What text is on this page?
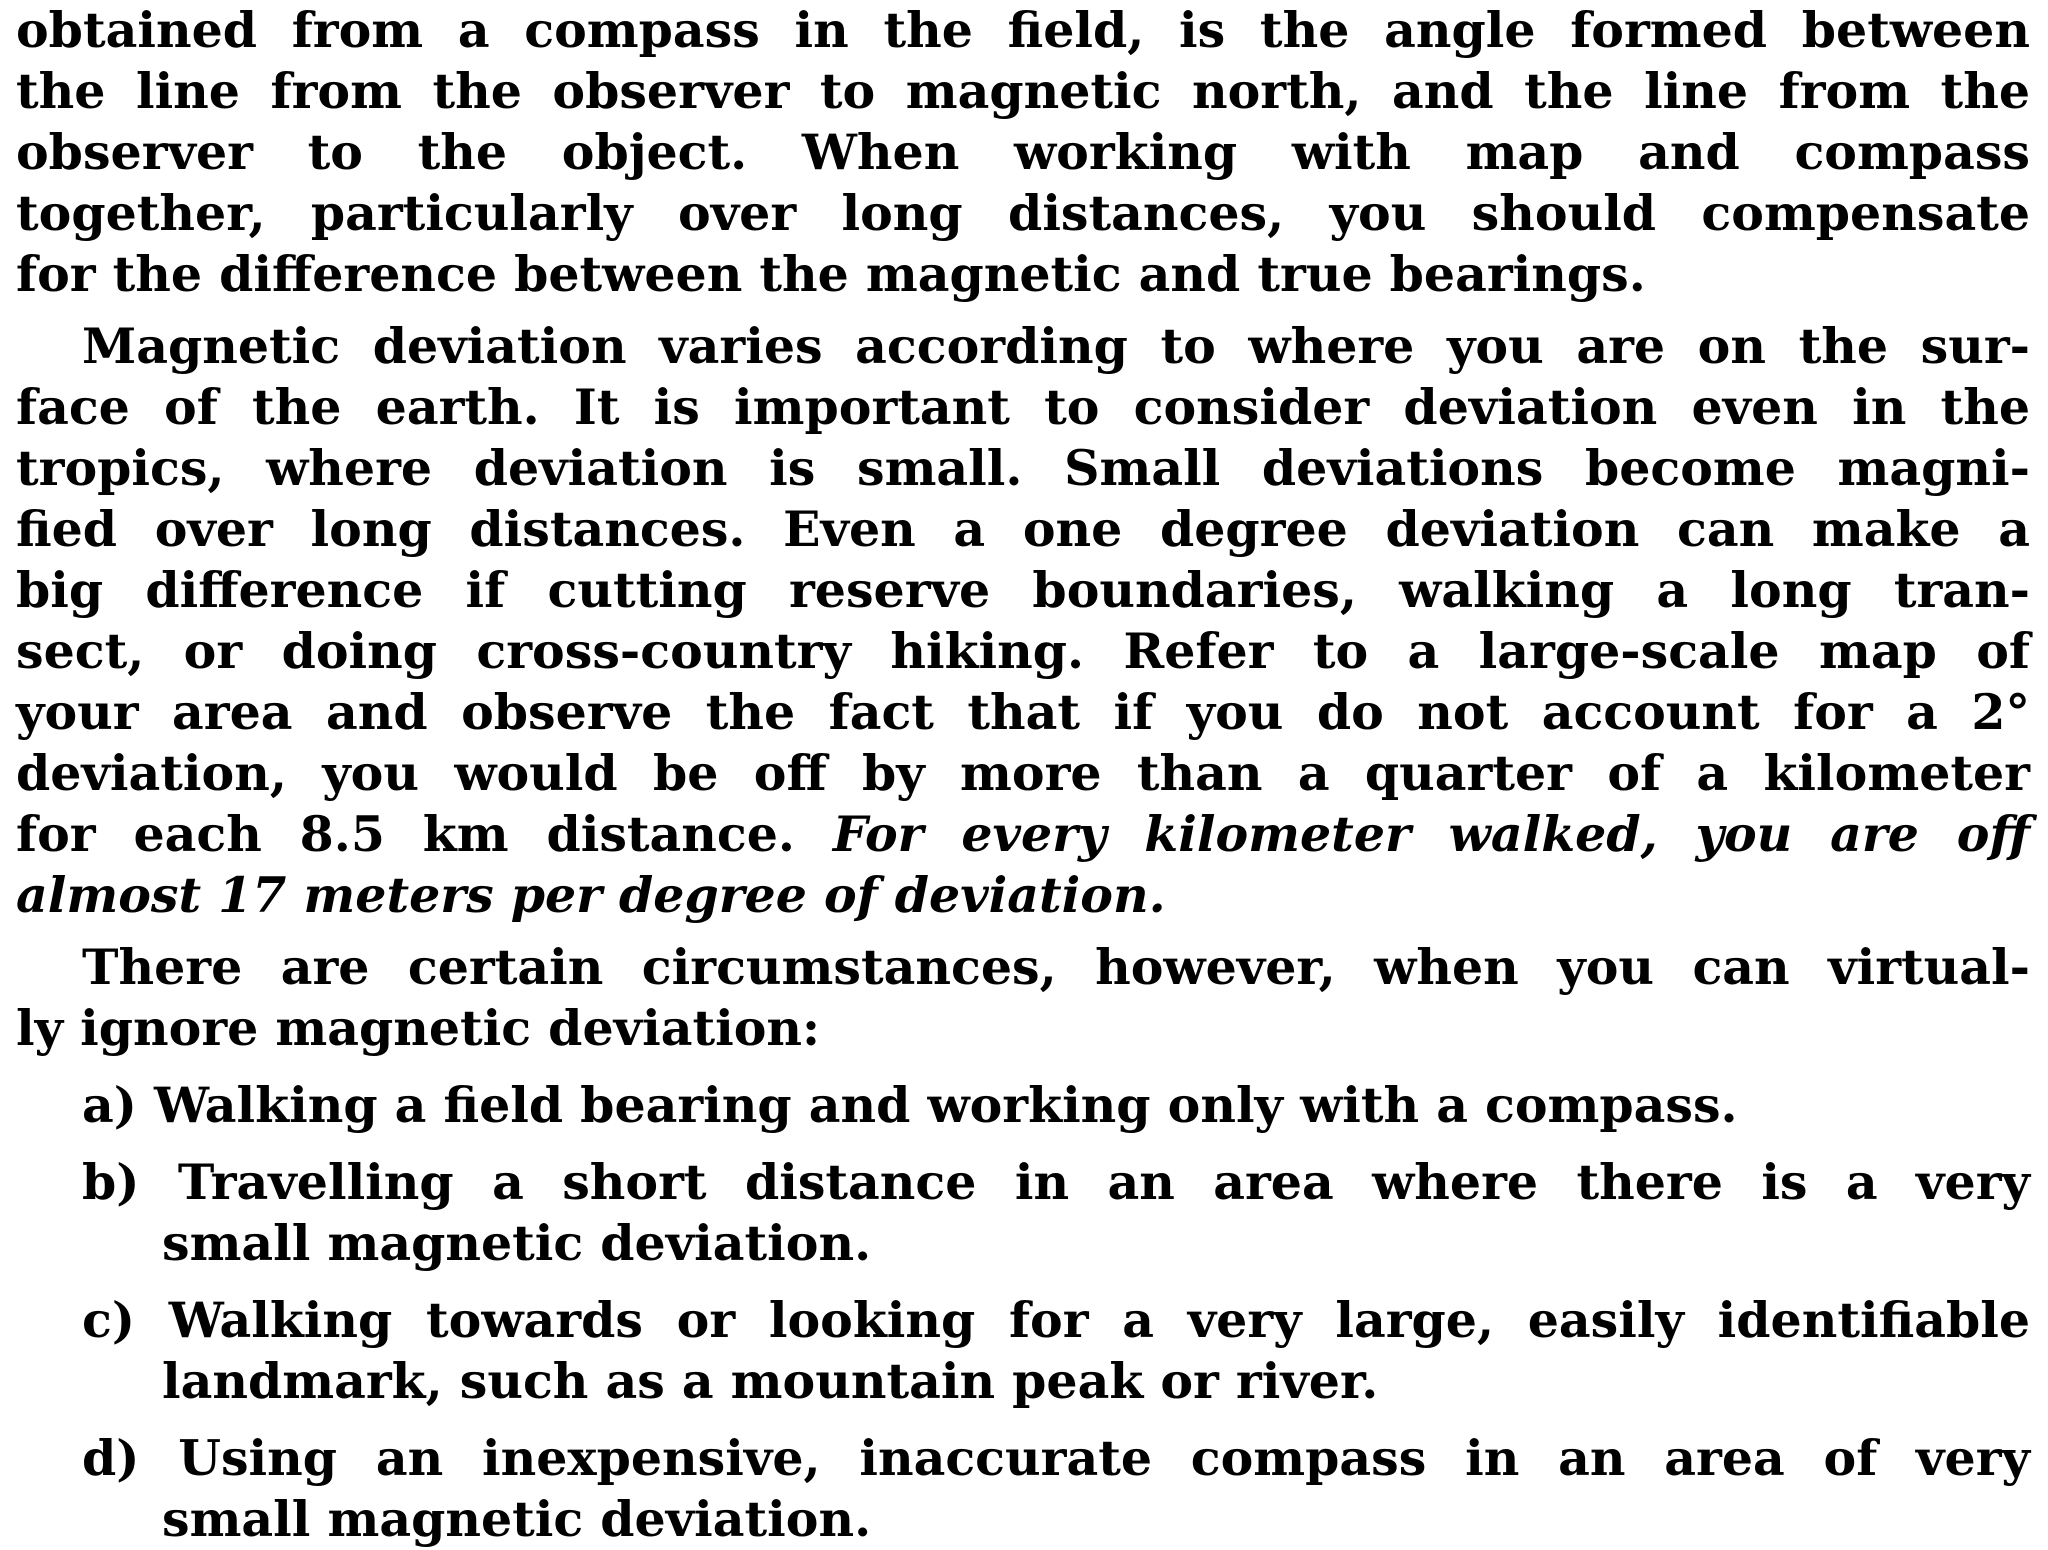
obtained from a compass in the field, is the angle formed between
the line from the observer to magnetic north, and the line from the
observer to the object. When working with map and compass
together, particularly over long distances, you should compensate
for the difference between the magnetic and true bearings.
Magnetic deviation varies according to where you are on the sur-
face of the earth. It is important to consider deviation even in the
tropics, where deviation is small. Small deviations become magni-
fied over long distances. Even a one degree deviation can make a
big difference if cutting reserve boundaries, walking a long tran-
sect, or doing cross-country hiking. Refer to a large-scale map of
your area and observe the fact that if you do not account for a 2°
deviation, you would be off by more than a quarter of a kilometer
for each 8.5 km distance. For every kilometer walked, you are off
almost 17 meters per degree of deviation.
There are certain circumstances, however, when you can virtual-
ly ignore magnetic deviation:
a) Walking a field bearing and working only with a compass.
b) Travelling a short distance in an area where there is a very
small magnetic deviation.
c) Walking towards or looking for a very large, easily identifiable
landmark, such as a mountain peak or river.
d) Using an inexpensive, inaccurate compass in an area of very
small magnetic deviation.
